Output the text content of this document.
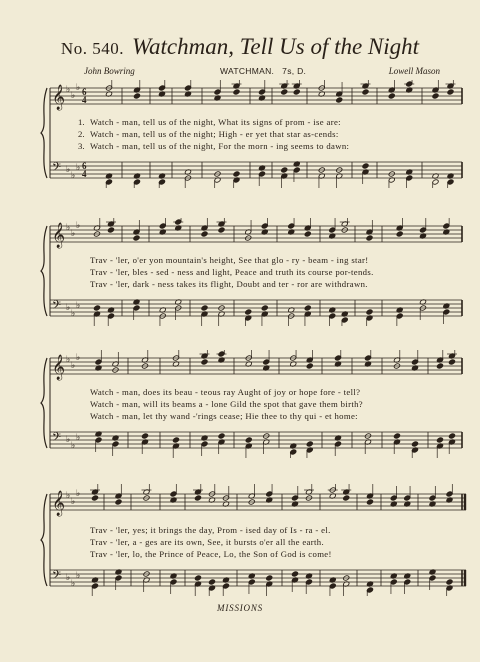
No. 540. Watchman, Tell Us of the Night
John Bowring	WATCHMAN. 7s, D.	Lowell Mason
𝄞 ♭
♭
♭ 6
4
𝄢 ♭
♭
♭ 6
4
1. Watch - man, tell us of the night, What its signs of prom - ise are:
2. Watch - man, tell us of the night; High - er yet that star as-cends:
3. Watch - man, tell us of the night, For the morn - ing seems to dawn:
𝄞 ♭
♭
♭
𝄢 ♭
♭
♭
Trav - 'ler, o'er yon mountain's height, See that glo - ry - beam - ing star!
Trav - 'ler, bles - sed - ness and light, Peace and truth its course por-tends.
Trav - 'ler, dark - ness takes its flight, Doubt and ter - ror are withdrawn.
𝄞 ♭
♭
♭
𝄢 ♭
♭
♭
Watch - man, does its beau - teous ray Aught of joy or hope fore - tell?
Watch - man, will its beams a - lone Gild the spot that gave them birth?
Watch - man, let thy wand -'rings cease; Hie thee to thy qui - et home:
𝄞 ♭
♭
♭
𝄢 ♭
♭
♭
Trav - 'ler, yes; it brings the day, Prom - ised day of Is - ra - el.
Trav - 'ler, a - ges are its own, See, it bursts o'er all the earth.
Trav - 'ler, lo, the Prince of Peace, Lo, the Son of God is come!
MISSIONS
